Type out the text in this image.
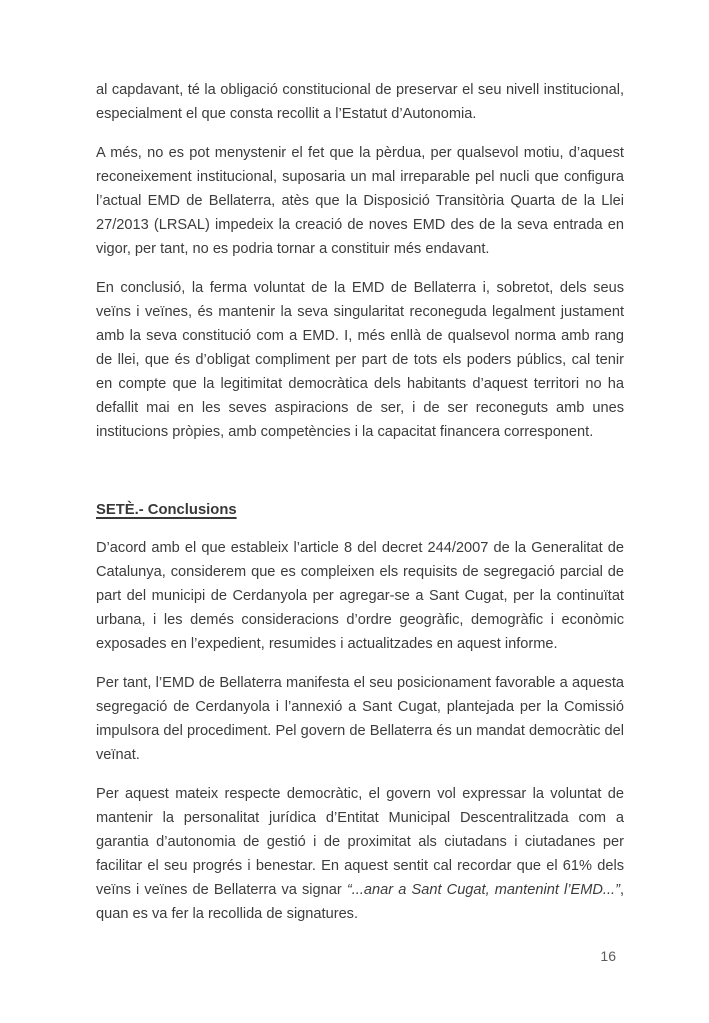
al capdavant, té la obligació constitucional de preservar el seu nivell institucional, especialment el que consta recollit a l’Estatut d’Autonomia.

A més, no es pot menystenir el fet que la pèrdua, per qualsevol motiu, d’aquest reconeixement institucional, suposaria un mal irreparable pel nucli que configura l’actual EMD de Bellaterra, atès que la Disposició Transitòria Quarta de la Llei 27/2013 (LRSAL) impedeix la creació de noves EMD des de la seva entrada en vigor, per tant, no es podria tornar a constituir més endavant.

En conclusió, la ferma voluntat de la EMD de Bellaterra i, sobretot, dels seus veïns i veïnes, és mantenir la seva singularitat reconeguda legalment justament amb la seva constitució com a EMD. I, més enllà de qualsevol norma amb rang de llei, que és d’obligat compliment per part de tots els poders públics, cal tenir en compte que la legitimitat democràtica dels habitants d’aquest territori no ha defallit mai en les seves aspiracions de ser, i de ser reconeguts amb unes institucions pròpies, amb competències i la capacitat financera corresponent.

SETÈ.- Conclusions

D’acord amb el que estableix l’article 8 del decret 244/2007 de la Generalitat de Catalunya, considerem que es compleixen els requisits de segregació parcial de part del municipi de Cerdanyola per agregar-se a Sant Cugat, per la continuïtat urbana, i les demés consideracions d’ordre geogràfic, demogràfic i econòmic exposades en l’expedient, resumides i actualitzades en aquest informe.

Per tant, l’EMD de Bellaterra manifesta el seu posicionament favorable a aquesta segregació de Cerdanyola i l’annexió a Sant Cugat, plantejada per la Comissió impulsora del procediment. Pel govern de Bellaterra és un mandat democràtic del veïnat.

Per aquest mateix respecte democràtic, el govern vol expressar la voluntat de mantenir la personalitat jurídica d’Entitat Municipal Descentralitzada com a garantia d’autonomia de gestió i de proximitat als ciutadans i ciutadanes per facilitar el seu progrés i benestar. En aquest sentit cal recordar que el 61% dels veïns i veïnes de Bellaterra va signar “...anar a Sant Cugat, mantenint l’EMD...”, quan es va fer la recollida de signatures.

16
